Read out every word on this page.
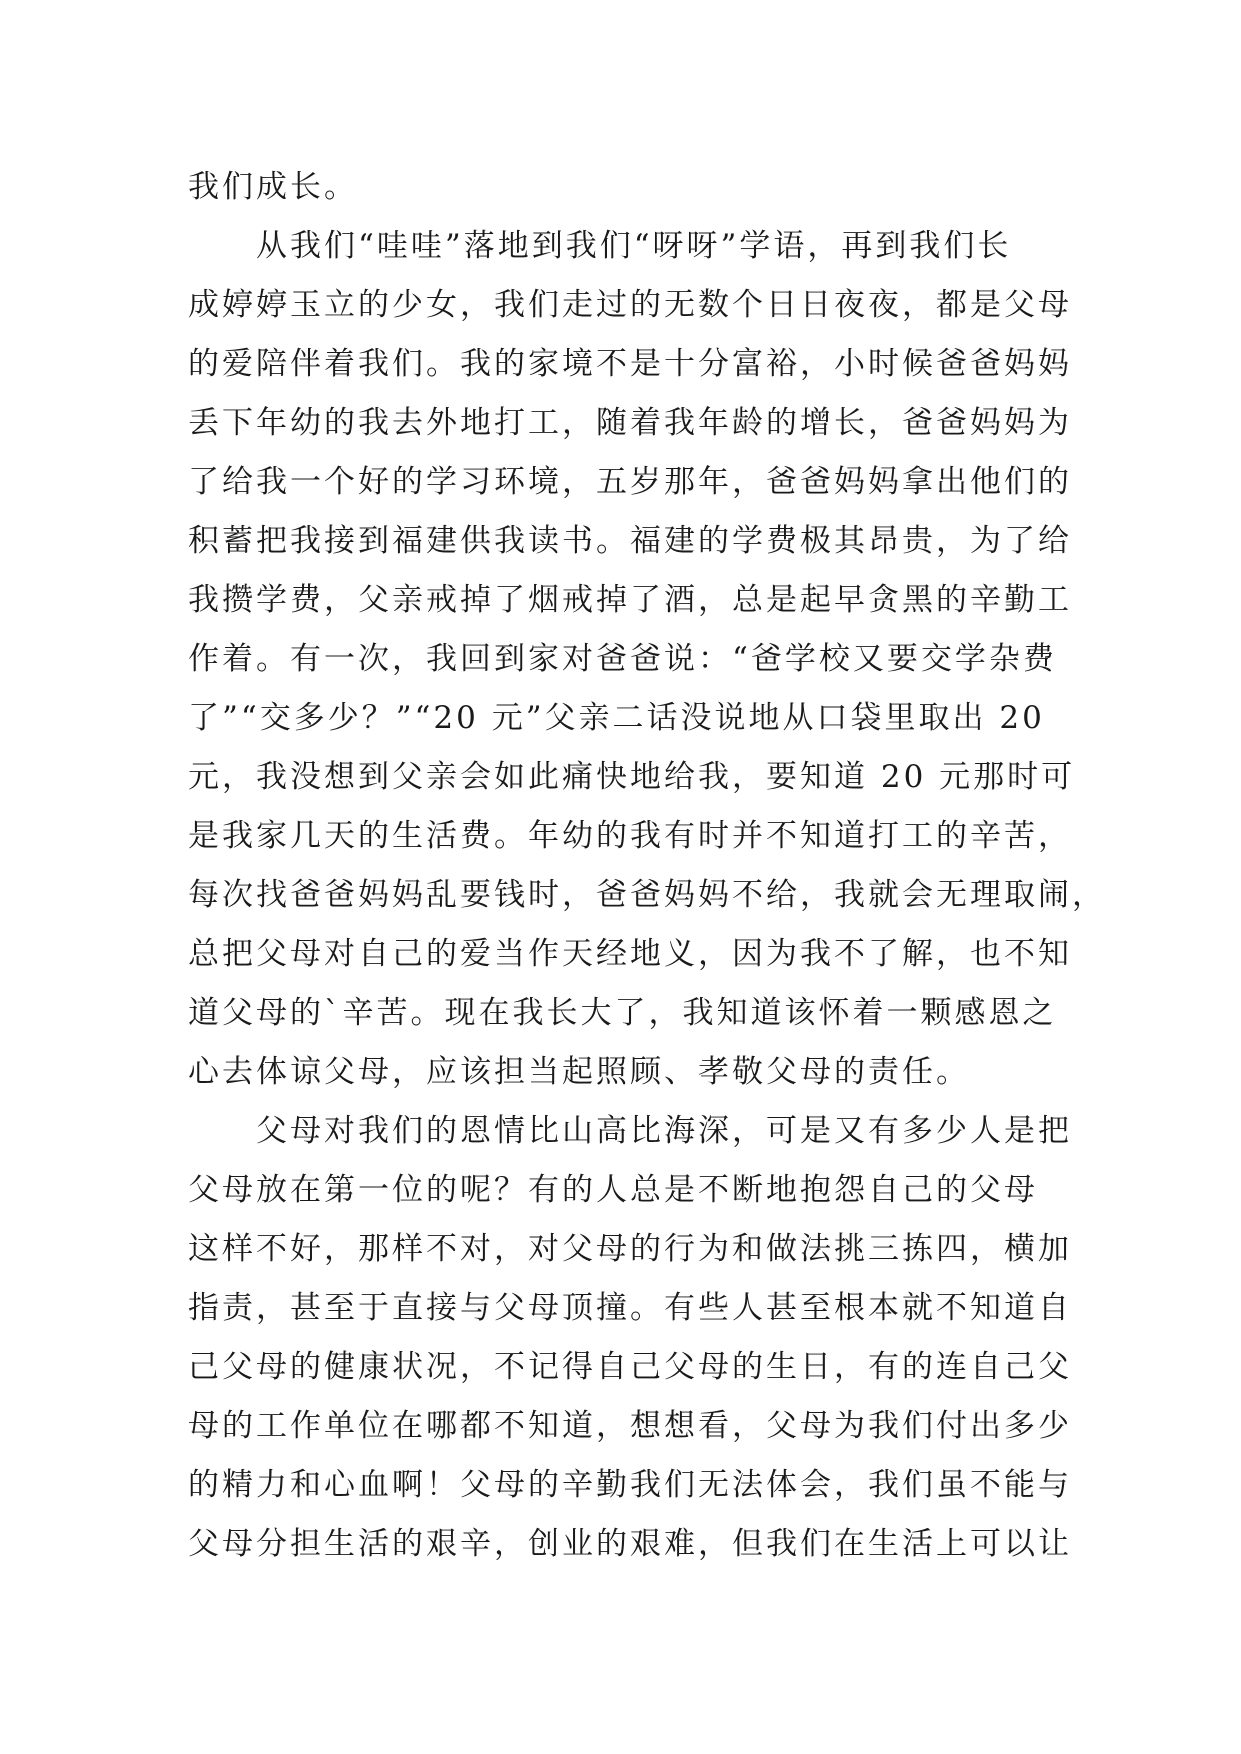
我们成长。
从我们“哇哇”落地到我们“呀呀”学语，再到我们长
成婷婷玉立的少女，我们走过的无数个日日夜夜，都是父母
的爱陪伴着我们。我的家境不是十分富裕，小时候爸爸妈妈
丢下年幼的我去外地打工，随着我年龄的增长，爸爸妈妈为
了给我一个好的学习环境，五岁那年，爸爸妈妈拿出他们的
积蓄把我接到福建供我读书。福建的学费极其昂贵，为了给
我攒学费，父亲戒掉了烟戒掉了酒，总是起早贪黑的辛勤工
作着。有一次，我回到家对爸爸说：“爸学校又要交学杂费
了”“交多少？”“20 元”父亲二话没说地从口袋里取出 20
元，我没想到父亲会如此痛快地给我，要知道 20 元那时可
是我家几天的生活费。年幼的我有时并不知道打工的辛苦，
每次找爸爸妈妈乱要钱时，爸爸妈妈不给，我就会无理取闹，
总把父母对自己的爱当作天经地义，因为我不了解，也不知
道父母的`辛苦。现在我长大了，我知道该怀着一颗感恩之
心去体谅父母，应该担当起照顾、孝敬父母的责任。
父母对我们的恩情比山高比海深，可是又有多少人是把
父母放在第一位的呢？有的人总是不断地抱怨自己的父母
这样不好，那样不对，对父母的行为和做法挑三拣四，横加
指责，甚至于直接与父母顶撞。有些人甚至根本就不知道自
己父母的健康状况，不记得自己父母的生日，有的连自己父
母的工作单位在哪都不知道，想想看，父母为我们付出多少
的精力和心血啊！父母的辛勤我们无法体会，我们虽不能与
父母分担生活的艰辛，创业的艰难，但我们在生活上可以让
